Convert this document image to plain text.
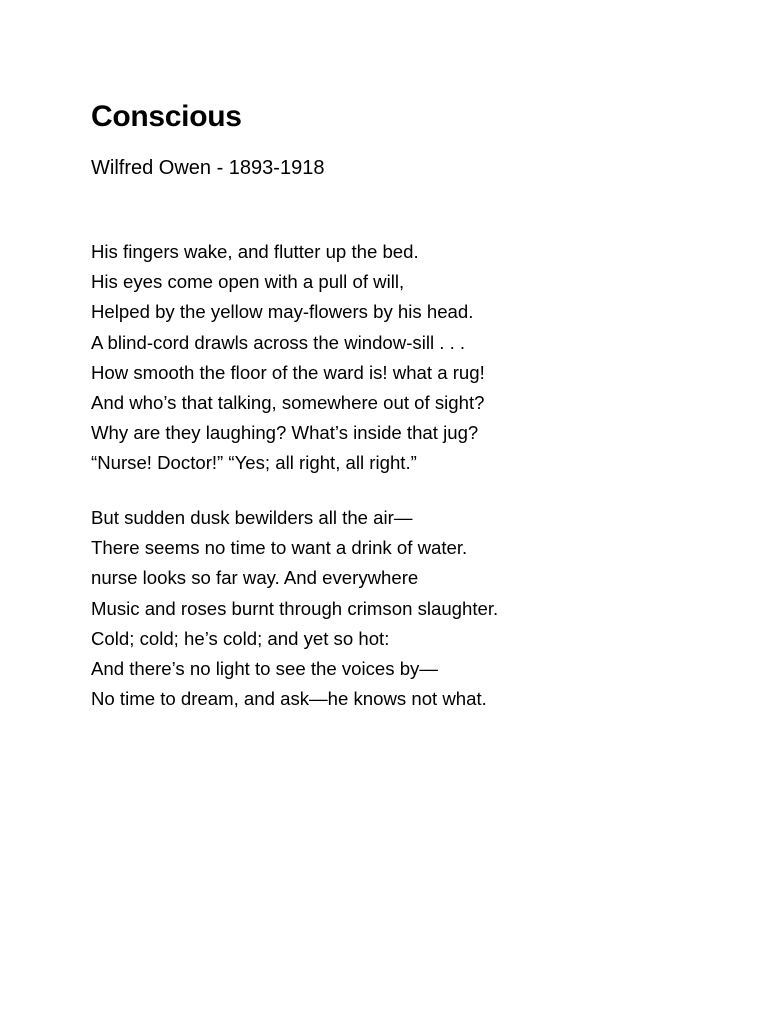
Conscious

Wilfred Owen - 1893-1918

His fingers wake, and flutter up the bed.
His eyes come open with a pull of will,
Helped by the yellow may-flowers by his head.
A blind-cord drawls across the window-sill . . .
How smooth the floor of the ward is! what a rug!
And who’s that talking, somewhere out of sight?
Why are they laughing? What’s inside that jug?
“Nurse! Doctor!” “Yes; all right, all right.”
But sudden dusk bewilders all the air—
There seems no time to want a drink of water.
nurse looks so far way. And everywhere
Music and roses burnt through crimson slaughter.
Cold; cold; he’s cold; and yet so hot:
And there’s no light to see the voices by—
No time to dream, and ask—he knows not what.
